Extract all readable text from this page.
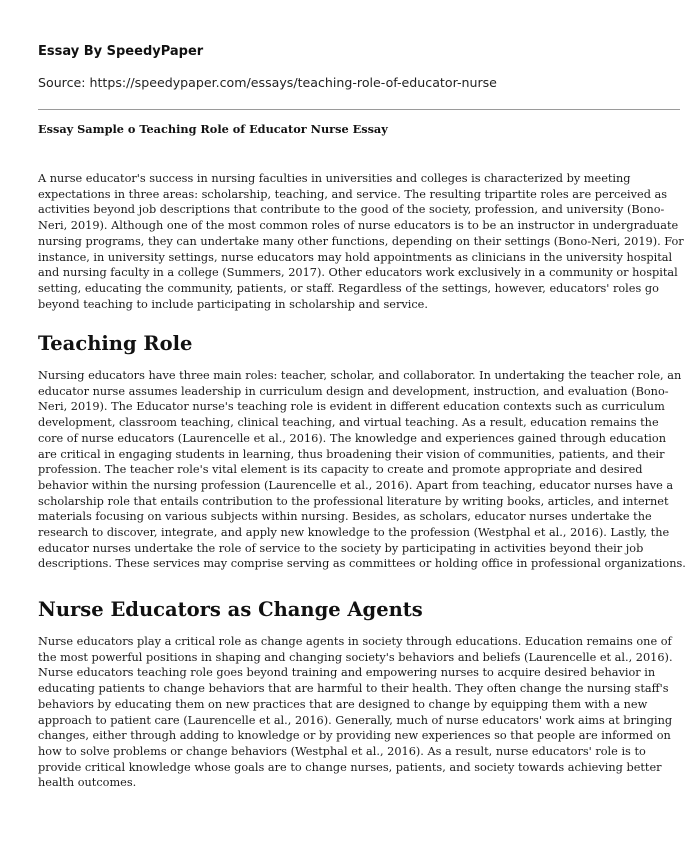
Essay By SpeedyPaper
Source: https://speedypaper.com/essays/teaching-role-of-educator-nurse
Essay Sample o Teaching Role of Educator Nurse Essay

A nurse educator's success in nursing faculties in universities and colleges is characterized by meeting expectations in three areas: scholarship, teaching, and service. The resulting tripartite roles are perceived as activities beyond job descriptions that contribute to the good of the society, profession, and university (Bono-Neri, 2019). Although one of the most common roles of nurse educators is to be an instructor in undergraduate nursing programs, they can undertake many other functions, depending on their settings (Bono-Neri, 2019). For instance, in university settings, nurse educators may hold appointments as clinicians in the university hospital and nursing faculty in a college (Summers, 2017). Other educators work exclusively in a community or hospital setting, educating the community, patients, or staff. Regardless of the settings, however, educators' roles go beyond teaching to include participating in scholarship and service.

Teaching Role

Nursing educators have three main roles: teacher, scholar, and collaborator. In undertaking the teacher role, an educator nurse assumes leadership in curriculum design and development, instruction, and evaluation (Bono-Neri, 2019). The Educator nurse's teaching role is evident in different education contexts such as curriculum development, classroom teaching, clinical teaching, and virtual teaching. As a result, education remains the core of nurse educators (Laurencelle et al., 2016). The knowledge and experiences gained through education are critical in engaging students in learning, thus broadening their vision of communities, patients, and their profession. The teacher role's vital element is its capacity to create and promote appropriate and desired behavior within the nursing profession (Laurencelle et al., 2016). Apart from teaching, educator nurses have a scholarship role that entails contribution to the professional literature by writing books, articles, and internet materials focusing on various subjects within nursing. Besides, as scholars, educator nurses undertake the research to discover, integrate, and apply new knowledge to the profession (Westphal et al., 2016). Lastly, the educator nurses undertake the role of service to the society by participating in activities beyond their job descriptions. These services may comprise serving as committees or holding office in professional organizations.

Nurse Educators as Change Agents

Nurse educators play a critical role as change agents in society through educations. Education remains one of the most powerful positions in shaping and changing society's behaviors and beliefs (Laurencelle et al., 2016). Nurse educators teaching role goes beyond training and empowering nurses to acquire desired behavior in educating patients to change behaviors that are harmful to their health. They often change the nursing staff's behaviors by educating them on new practices that are designed to change by equipping them with a new approach to patient care (Laurencelle et al., 2016). Generally, much of nurse educators' work aims at bringing changes, either through adding to knowledge or by providing new experiences so that people are informed on how to solve problems or change behaviors (Westphal et al., 2016). As a result, nurse educators' role is to provide critical knowledge whose goals are to change nurses, patients, and society towards achieving better health outcomes.
